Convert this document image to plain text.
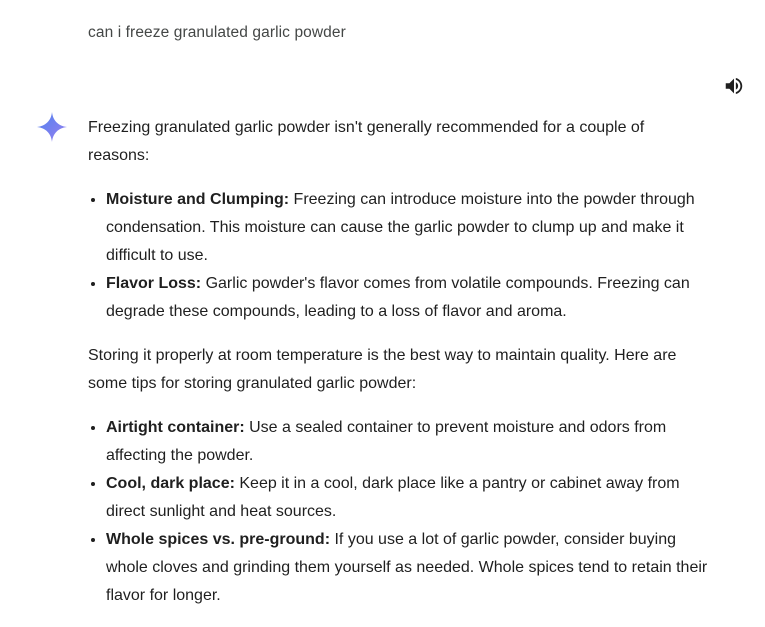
can i freeze granulated garlic powder

Freezing granulated garlic powder isn't generally recommended for a couple of reasons:

• Moisture and Clumping: Freezing can introduce moisture into the powder through condensation. This moisture can cause the garlic powder to clump up and make it difficult to use.
• Flavor Loss: Garlic powder's flavor comes from volatile compounds. Freezing can degrade these compounds, leading to a loss of flavor and aroma.

Storing it properly at room temperature is the best way to maintain quality. Here are some tips for storing granulated garlic powder:

• Airtight container: Use a sealed container to prevent moisture and odors from affecting the powder.
• Cool, dark place: Keep it in a cool, dark place like a pantry or cabinet away from direct sunlight and heat sources.
• Whole spices vs. pre-ground: If you use a lot of garlic powder, consider buying whole cloves and grinding them yourself as needed. Whole spices tend to retain their flavor for longer.
